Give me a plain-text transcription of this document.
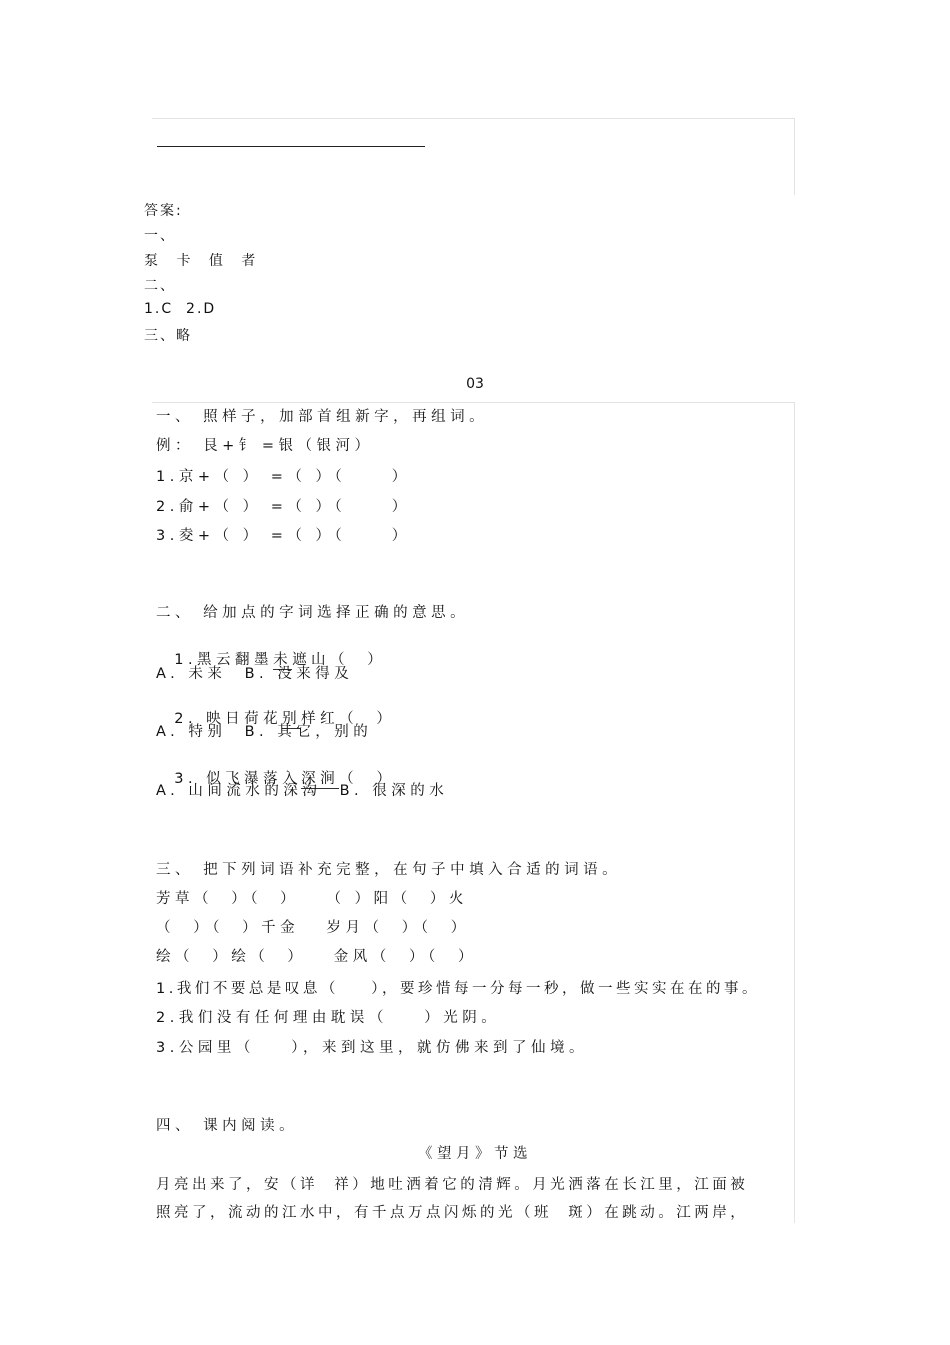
答案:
一、
泵 卡 值 者
二、
1.C  2.D
三、略
03
一、 照样子，加部首组新字，再组词。
例： 艮+钅 =银（银河）
1.京+（ ） =（ ）（     ）
2.俞+（ ） =（ ）（     ）
3.夌+（ ） =（ ）（     ）
二、 给加点的字词选择正确的意思。

1.黑云翻墨未遮山（  ）

A. 未来  B. 没来得及

2. 映日荷花别样红（  ）

A. 特别  B. 其它，别的

3. 似飞瀑落入深涧（  ）

A. 山间流水的深沟  B. 很深的水
三、 把下列词语补充完整，在句子中填入合适的词语。
芳草（  ）（  ）   （ ）阳（  ）火
（  ）（  ）千金   岁月（  ）（  ）
绘（  ）绘（  ）   金风（  ）（  ）
1.我们不要总是叹息（    ），要珍惜每一分每一秒，做一些实实在在的事。
2.我们没有任何理由耽误（    ）光阴。
3.公园里（    ），来到这里，就仿佛来到了仙境。
四、 课内阅读。
《望月》节选
月亮出来了，安（详  祥）地吐洒着它的清辉。月光洒落在长江里，江面被
照亮了，流动的江水中，有千点万点闪烁的光（班  斑）在跳动。江两岸，
